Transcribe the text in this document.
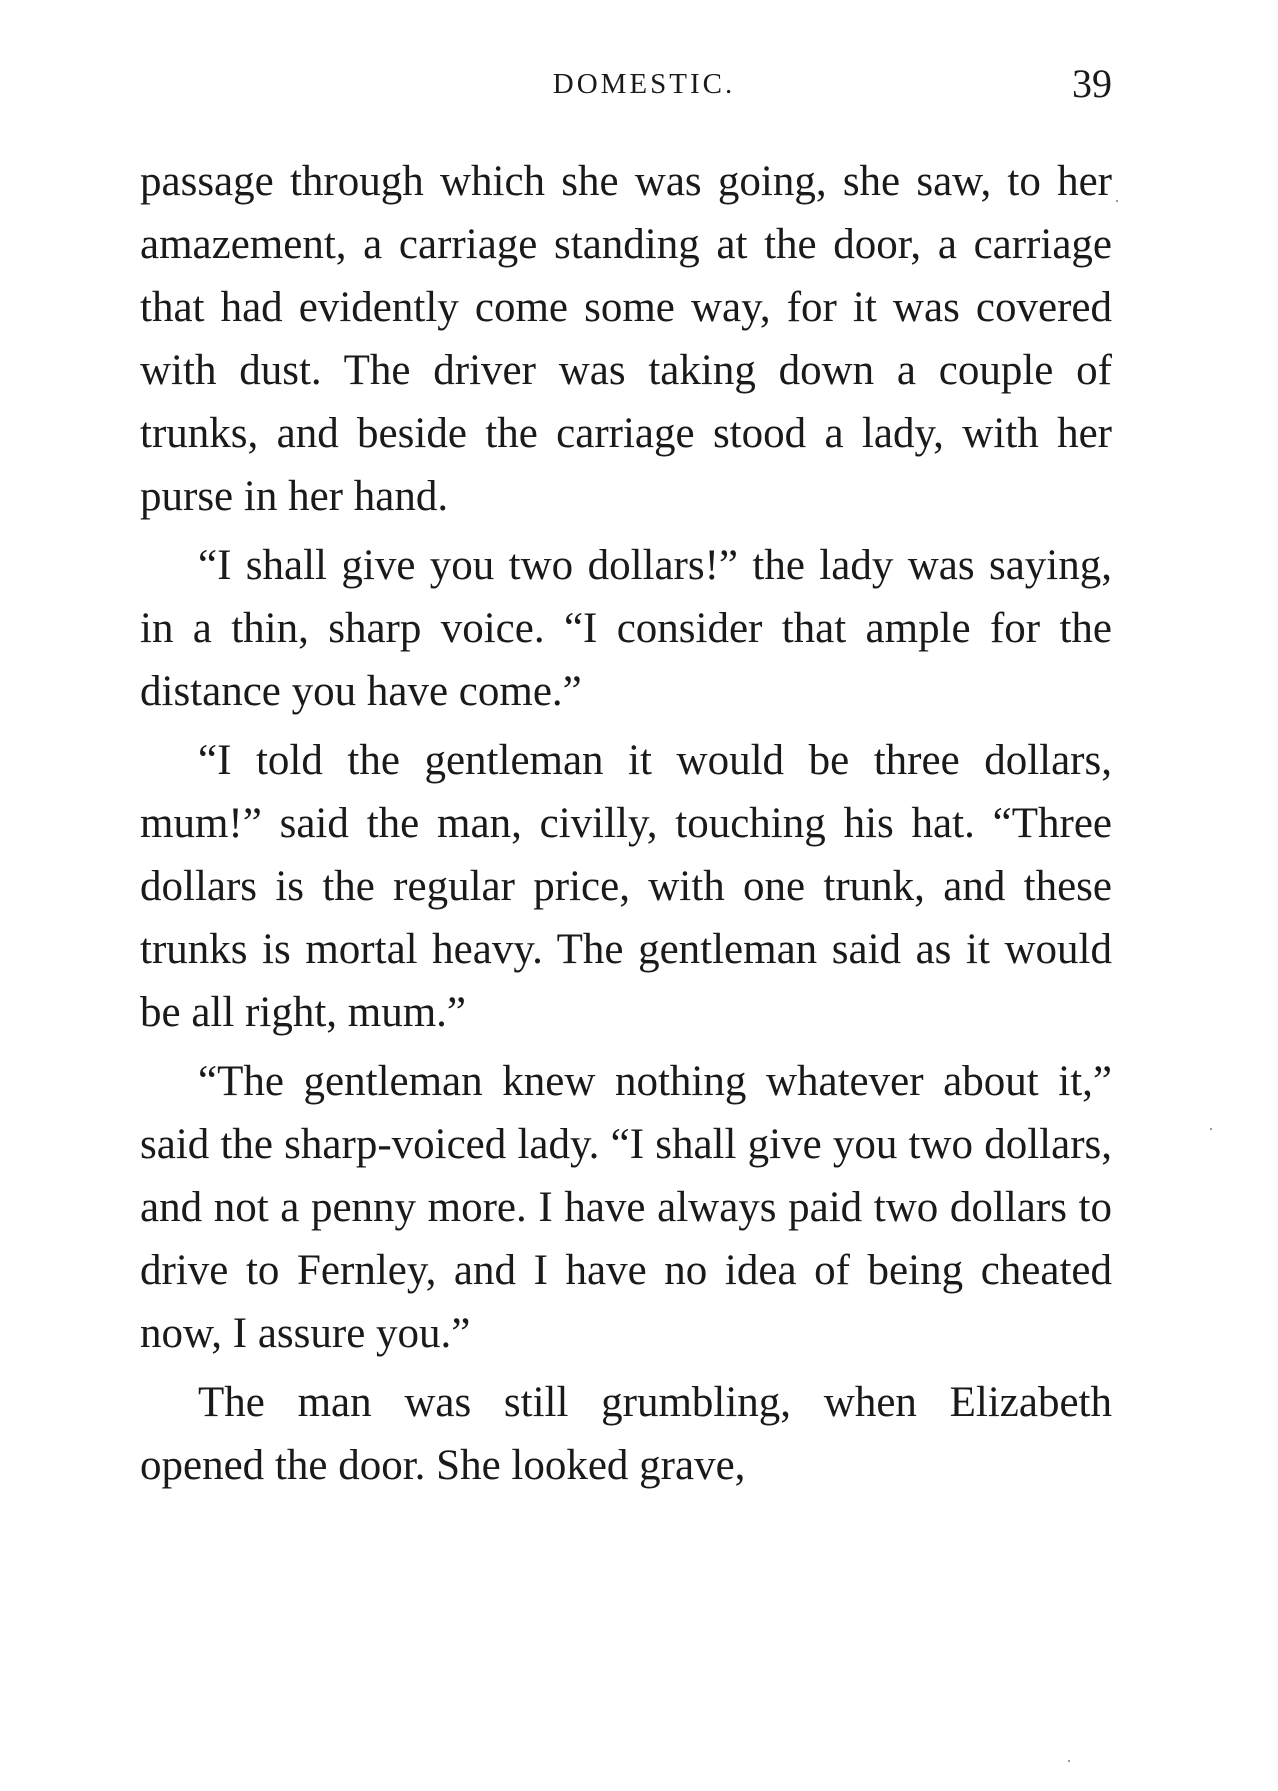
DOMESTIC.	39

passage through which she was going, she saw, to her amazement, a carriage standing at the door, a carriage that had evidently come some way, for it was covered with dust. The driver was taking down a couple of trunks, and beside the carriage stood a lady, with her purse in her hand.

“I shall give you two dollars!” the lady was saying, in a thin, sharp voice. “I consider that ample for the distance you have come.”

“I told the gentleman it would be three dollars, mum!” said the man, civilly, touching his hat. “Three dollars is the regular price, with one trunk, and these trunks is mortal heavy. The gentleman said as it would be all right, mum.”

“The gentleman knew nothing whatever about it,” said the sharp-voiced lady. “I shall give you two dollars, and not a penny more. I have always paid two dollars to drive to Fernley, and I have no idea of being cheated now, I assure you.”

The man was still grumbling, when Elizabeth opened the door. She looked grave,
